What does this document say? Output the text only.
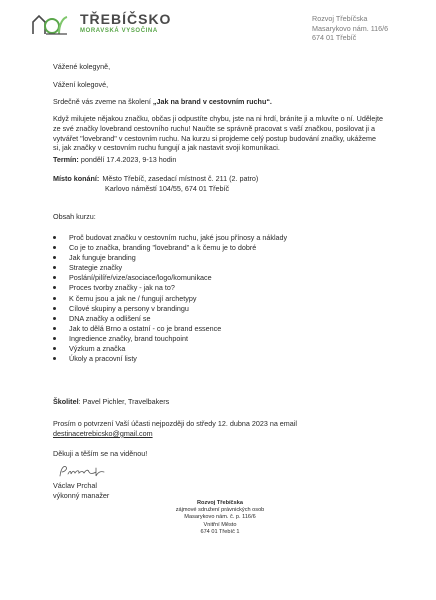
TŘEBÍČSKO
MORAVSKÁ VYSOČINA
Rozvoj Třebíčska
Masarykovo nám. 116/6
674 01 Třebíč
Vážené kolegyně,
Vážení kolegové,
Srdečně vás zveme na školení „Jak na brand v cestovním ruchu“.
Když milujete nějakou značku, občas ji odpustíte chybu, jste na ni hrdí, bráníte ji a mluvíte o ní. Udělejte ze své značky lovebrand cestovního ruchu! Naučte se správně pracovat s vaší značkou, posilovat ji a vytvářet "lovebrand" v cestovním ruchu. Na kurzu si projdeme celý postup budování značky, ukážeme si, jak značky v cestovním ruchu fungují a jak nastavit svoji komunikaci.
Termín: pondělí 17.4.2023, 9-13 hodin
Místo konání: Město Třebíč, zasedací místnost č. 211 (2. patro)
Karlovo náměstí 104/55, 674 01 Třebíč
Obsah kurzu:
Proč budovat značku v cestovním ruchu, jaké jsou přínosy a náklady
Co je to značka, branding "lovebrand" a k čemu je to dobré
Jak funguje branding
Strategie značky
Poslání/pilíře/vize/asociace/logo/komunikace
Proces tvorby značky - jak na to?
K čemu jsou a jak ne / fungují archetypy
Cílové skupiny a persony v brandingu
DNA značky a odlišení se
Jak to dělá Brno a ostatní - co je brand essence
Ingredience značky, brand touchpoint
Výzkum a značka
Úkoly a pracovní listy
Školitel: Pavel Pichler, Travelbakers
Prosím o potvrzení Vaší účasti nejpozději do středy 12. dubna 2023 na email destinacetrebicsko@gmail.com
Děkuji a těším se na viděnou!
Václav Prchal
výkonný manažer
Rozvoj Třebíčska
zájmové sdružení právnických osob
Masarykovo nám. č. p. 116/6
Vnitřní Město
674 01 Třebíč 1
